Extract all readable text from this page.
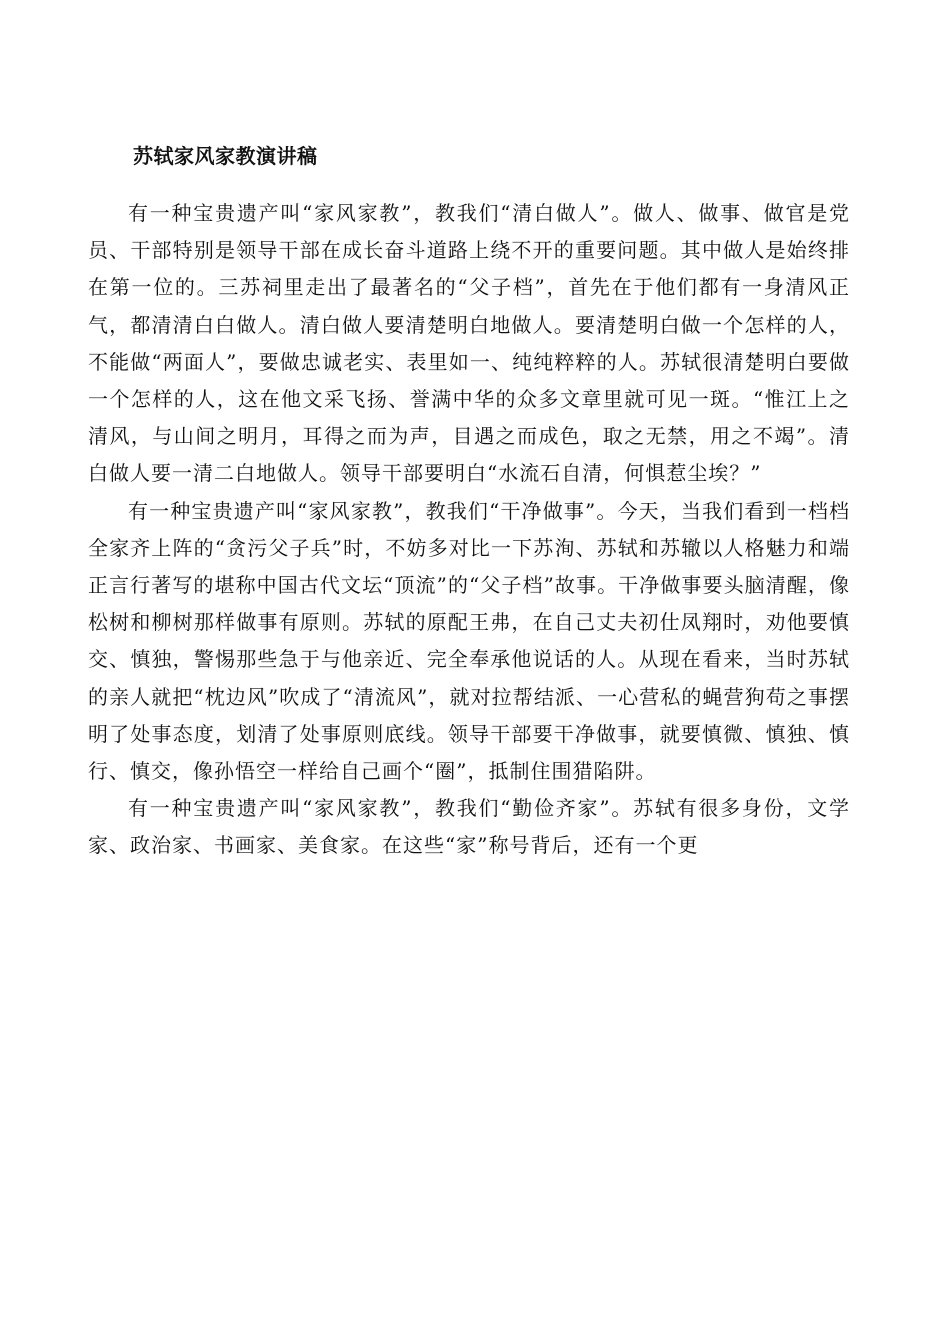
苏轼家风家教演讲稿

有一种宝贵遗产叫“家风家教”，教我们“清白做人”。做人、做事、做官是党员、干部特别是领导干部在成长奋斗道路上绕不开的重要问题。其中做人是始终排在第一位的。三苏祠里走出了最著名的“父子档”，首先在于他们都有一身清风正气，都清清白白做人。清白做人要清楚明白地做人。要清楚明白做一个怎样的人，不能做“两面人”，要做忠诚老实、表里如一、纯纯粹粹的人。苏轼很清楚明白要做一个怎样的人，这在他文采飞扬、誉满中华的众多文章里就可见一斑。“惟江上之清风，与山间之明月，耳得之而为声，目遇之而成色，取之无禁，用之不竭”。清白做人要一清二白地做人。领导干部要明白“水流石自清，何惧惹尘埃？”

有一种宝贵遗产叫“家风家教”，教我们“干净做事”。今天，当我们看到一档档全家齐上阵的“贪污父子兵”时，不妨多对比一下苏洵、苏轼和苏辙以人格魅力和端正言行著写的堪称中国古代文坛“顶流”的“父子档”故事。干净做事要头脑清醒，像松树和柳树那样做事有原则。苏轼的原配王弗，在自己丈夫初仕凤翔时，劝他要慎交、慎独，警惕那些急于与他亲近、完全奉承他说话的人。从现在看来，当时苏轼的亲人就把“枕边风”吹成了“清流风”，就对拉帮结派、一心营私的蝇营狗苟之事摆明了处事态度，划清了处事原则底线。领导干部要干净做事，就要慎微、慎独、慎行、慎交，像孙悟空一样给自己画个“圈”，抵制住围猎陷阱。

有一种宝贵遗产叫“家风家教”，教我们“勤俭齐家”。苏轼有很多身份，文学家、政治家、书画家、美食家。在这些“家”称号背后，还有一个更
